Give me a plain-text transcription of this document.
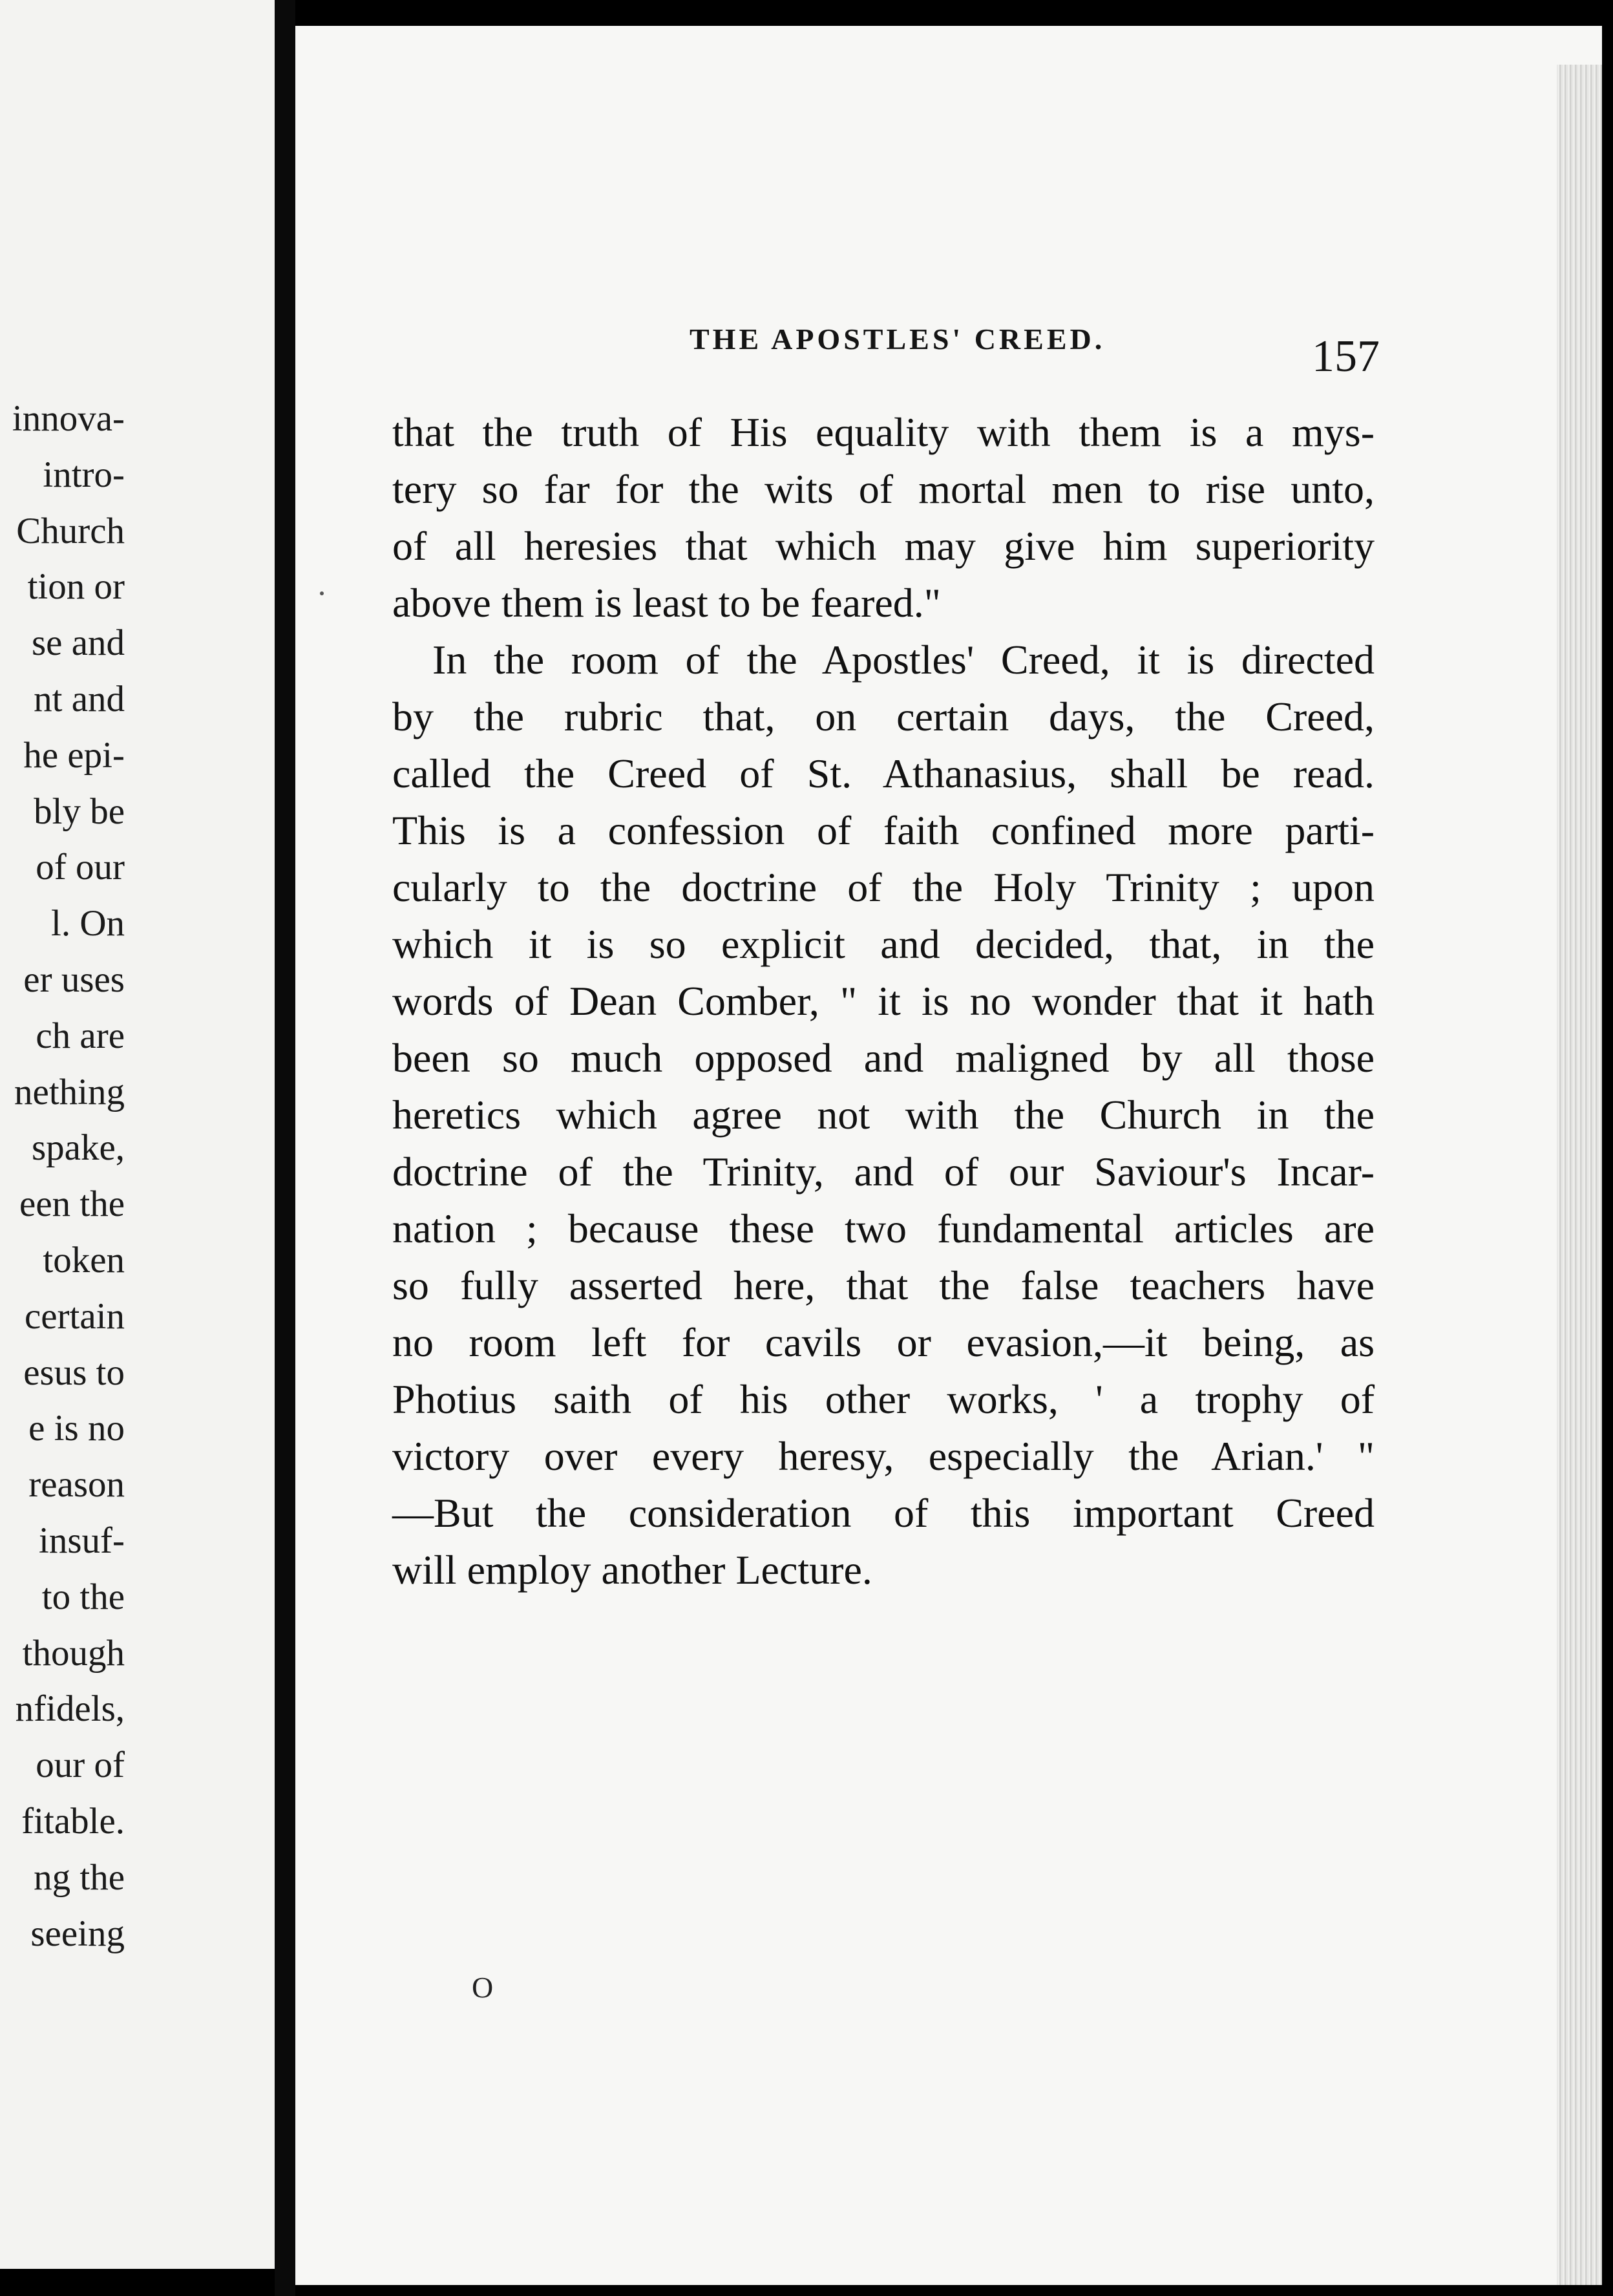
innova-
intro-
Church
tion or
se and
nt and
he epi-
bly be
of our
l. On
er uses
ch are
nething
spake,
een the
token
certain
esus to
e is no
reason
insuf-
to the
though
nfidels,
our of
fitable.
ng the
seeing
THE APOSTLES' CREED.	157
that the truth of His equality with them is a mys-
tery so far for the wits of mortal men to rise unto,
of all heresies that which may give him superiority
above them is least to be feared."
In the room of the Apostles' Creed, it is directed
by the rubric that, on certain days, the Creed,
called the Creed of St. Athanasius, shall be read.
This is a confession of faith confined more parti-
cularly to the doctrine of the Holy Trinity ; upon
which it is so explicit and decided, that, in the
words of Dean Comber, " it is no wonder that it hath
been so much opposed and maligned by all those
heretics which agree not with the Church in the
doctrine of the Trinity, and of our Saviour's Incar-
nation ; because these two fundamental articles are
so fully asserted here, that the false teachers have
no room left for cavils or evasion,—it being, as
Photius saith of his other works, ' a trophy of
victory over every heresy, especially the Arian.' "
—But the consideration of this important Creed
will employ another Lecture.
O
